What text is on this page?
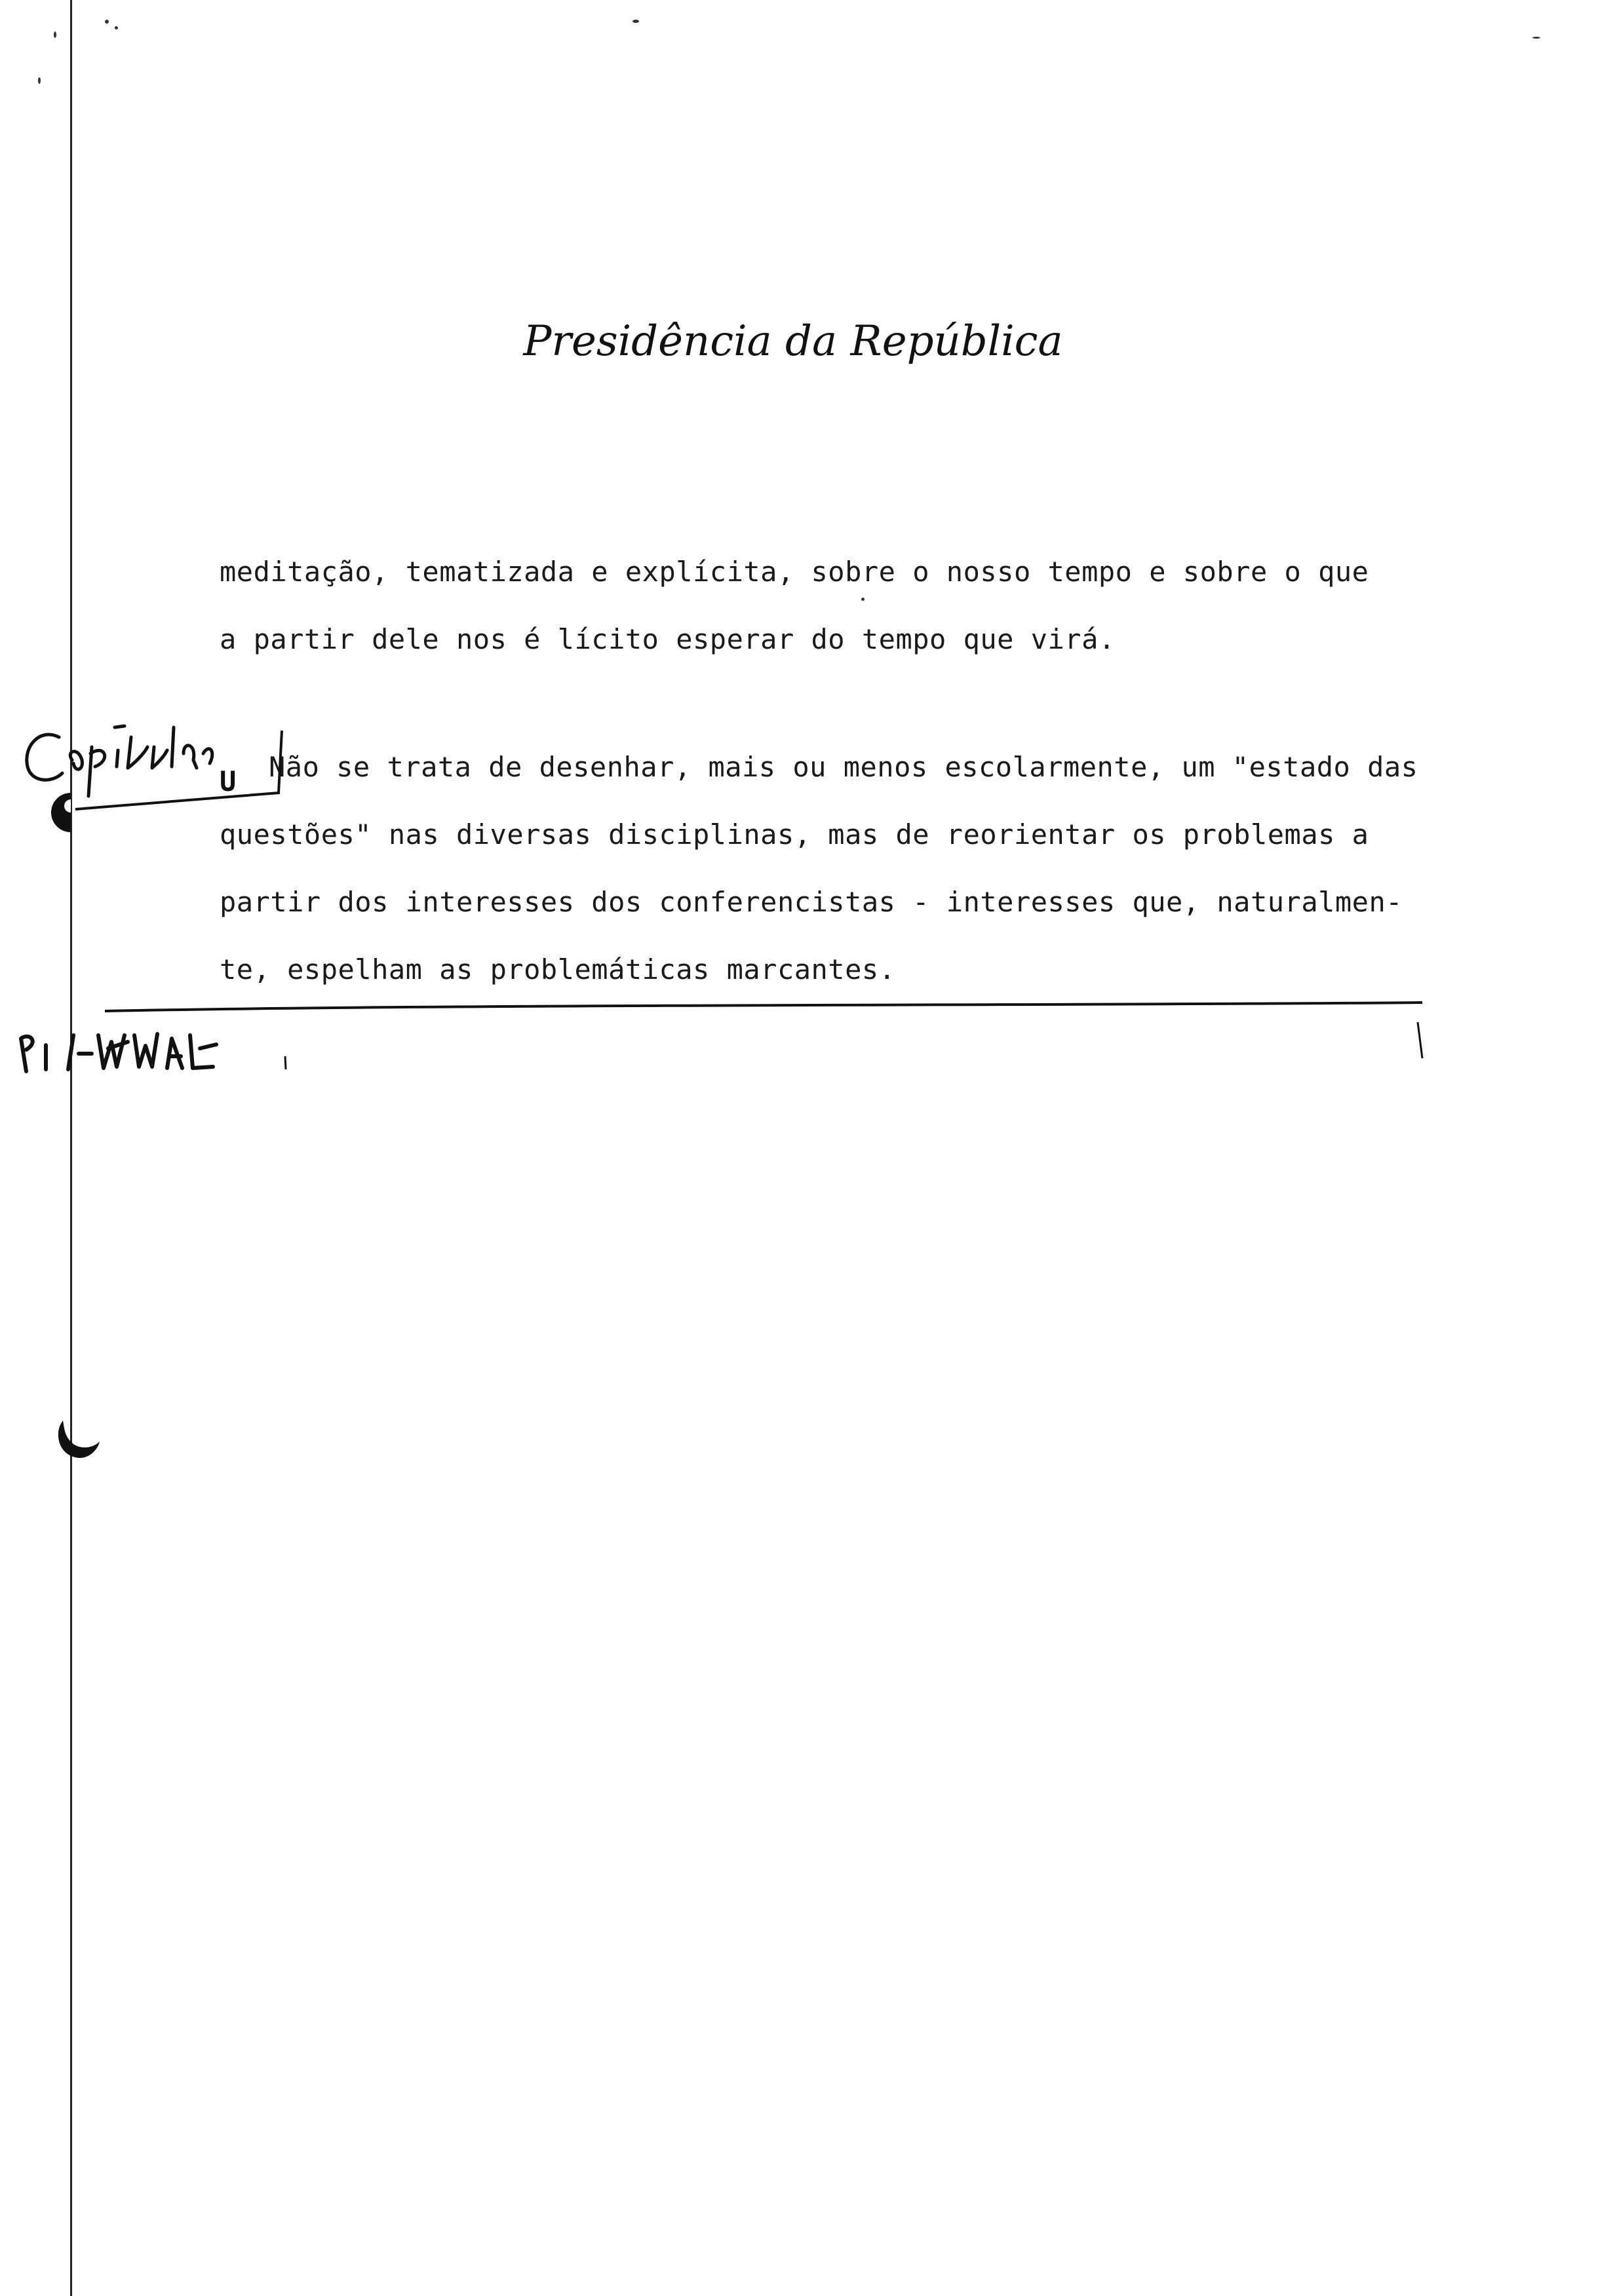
Presidência da República

meditação, tematizada e explícita, sobre o nosso tempo e sobre o que

a partir dele nos é lícito esperar do tempo que virá.

U Não se trata de desenhar, mais ou menos escolarmente, um "estado das

questões" nas diversas disciplinas, mas de reorientar os problemas a

partir dos interesses dos conferencistas - interesses que, naturalmen-

te, espelham as problemáticas marcantes.
